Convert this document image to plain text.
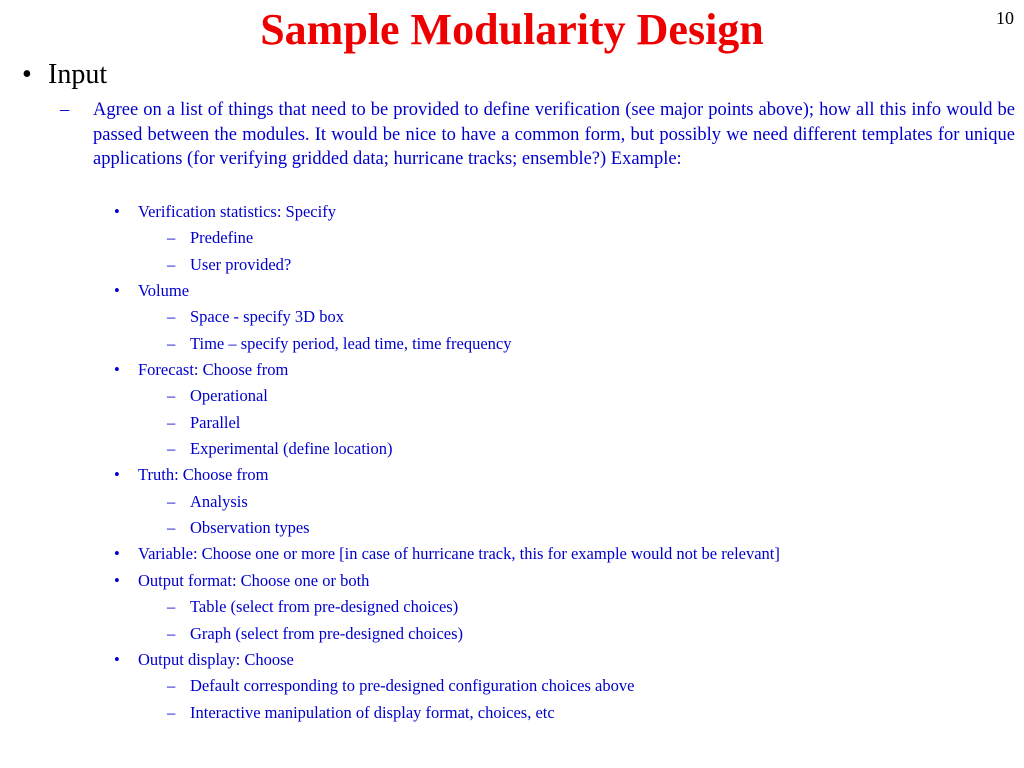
Sample Modularity Design	10
• Input
– Agree on a list of things that need to be provided to define verification (see major points above); how all this info would be passed between the modules. It would be nice to have a common form, but possibly we need different templates for unique applications (for verifying gridded data; hurricane tracks; ensemble?) Example:
• Verification statistics: Specify
– Predefine
– User provided?
• Volume
– Space - specify 3D box
– Time – specify period, lead time, time frequency
• Forecast: Choose from
– Operational
– Parallel
– Experimental (define location)
• Truth: Choose from
– Analysis
– Observation types
• Variable: Choose one or more [in case of hurricane track, this for example would not be relevant]
• Output format: Choose one or both
– Table (select from pre-designed choices)
– Graph (select from pre-designed choices)
• Output display: Choose
– Default corresponding to pre-designed configuration choices above
– Interactive manipulation of display format, choices, etc
